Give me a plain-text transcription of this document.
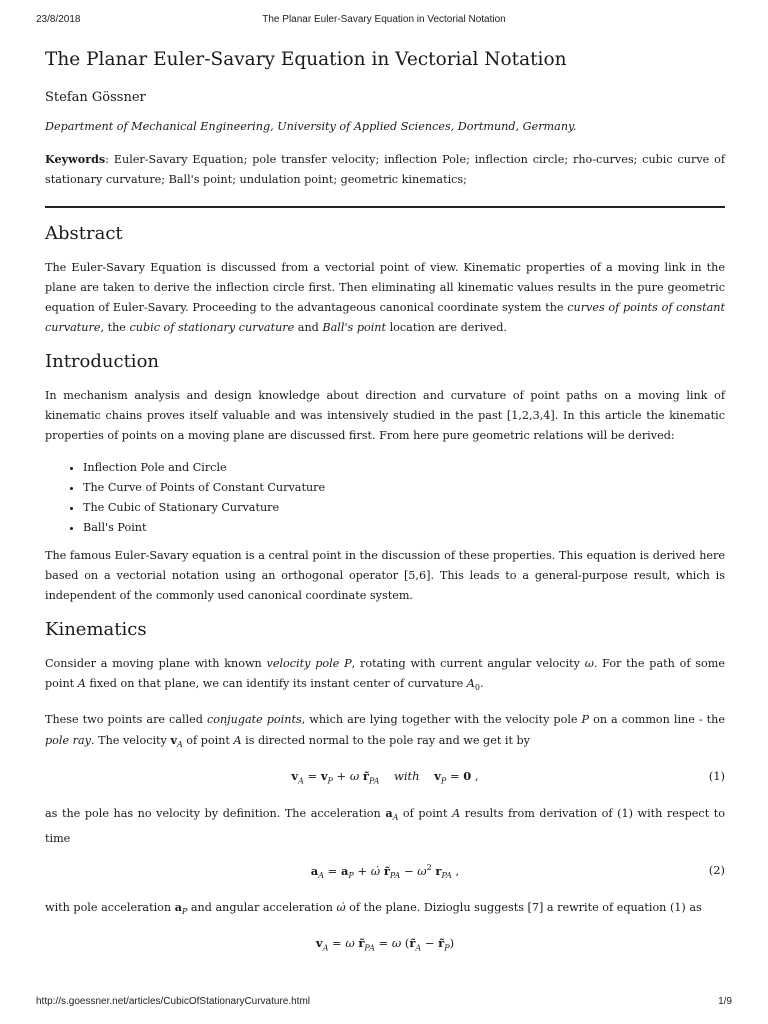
23/8/2018	The Planar Euler-Savary Equation in Vectorial Notation
The Planar Euler-Savary Equation in Vectorial Notation
Stefan Gössner
Department of Mechanical Engineering, University of Applied Sciences, Dortmund, Germany.

Keywords: Euler-Savary Equation; pole transfer velocity; inflection Pole; inflection circle; rho-curves; cubic curve of stationary curvature; Ball's point; undulation point; geometric kinematics;

Abstract

The Euler-Savary Equation is discussed from a vectorial point of view. Kinematic properties of a moving link in the plane are taken to derive the inflection circle first. Then eliminating all kinematic values results in the pure geometric equation of Euler-Savary. Proceeding to the advantageous canonical coordinate system the curves of points of constant curvature, the cubic of stationary curvature and Ball's point location are derived.

Introduction

In mechanism analysis and design knowledge about direction and curvature of point paths on a moving link of kinematic chains proves itself valuable and was intensively studied in the past [1,2,3,4]. In this article the kinematic properties of points on a moving plane are discussed first. From here pure geometric relations will be derived:

• Inflection Pole and Circle
• The Curve of Points of Constant Curvature
• The Cubic of Stationary Curvature
• Ball's Point

The famous Euler-Savary equation is a central point in the discussion of these properties. This equation is derived here based on a vectorial notation using an orthogonal operator [5,6]. This leads to a general-purpose result, which is independent of the commonly used canonical coordinate system.

Kinematics

Consider a moving plane with known velocity pole P, rotating with current angular velocity ω. For the path of some point A fixed on that plane, we can identify its instant center of curvature $A_0$.

These two points are called conjugate points, which are lying together with the velocity pole P on a common line - the pole ray. The velocity $v_A$ of point A is directed normal to the pole ray and we get it by

$v_A = v_P + \omega$ $r̃_{PA}$ with $v_P = 0$ ,	(1)

as the pole has no velocity by definition. The acceleration $a_A$ of point A results from derivation of (1) with respect to time

$a_A = a_P$ + ω̇ $r̃_{PA} - \omega^2$ $r_{PA}$ ,	(2)

with pole acceleration $a_P$ and angular acceleration ω̇ of the plane. Dizioglu suggests [7] a rewrite of equation (1) as

$v_A = \omega$ $r̃_{PA} = \omega$ ($r̃_A$ − $r̃_P$)
http://s.goessner.net/articles/CubicOfStationaryCurvature.html	1/9
